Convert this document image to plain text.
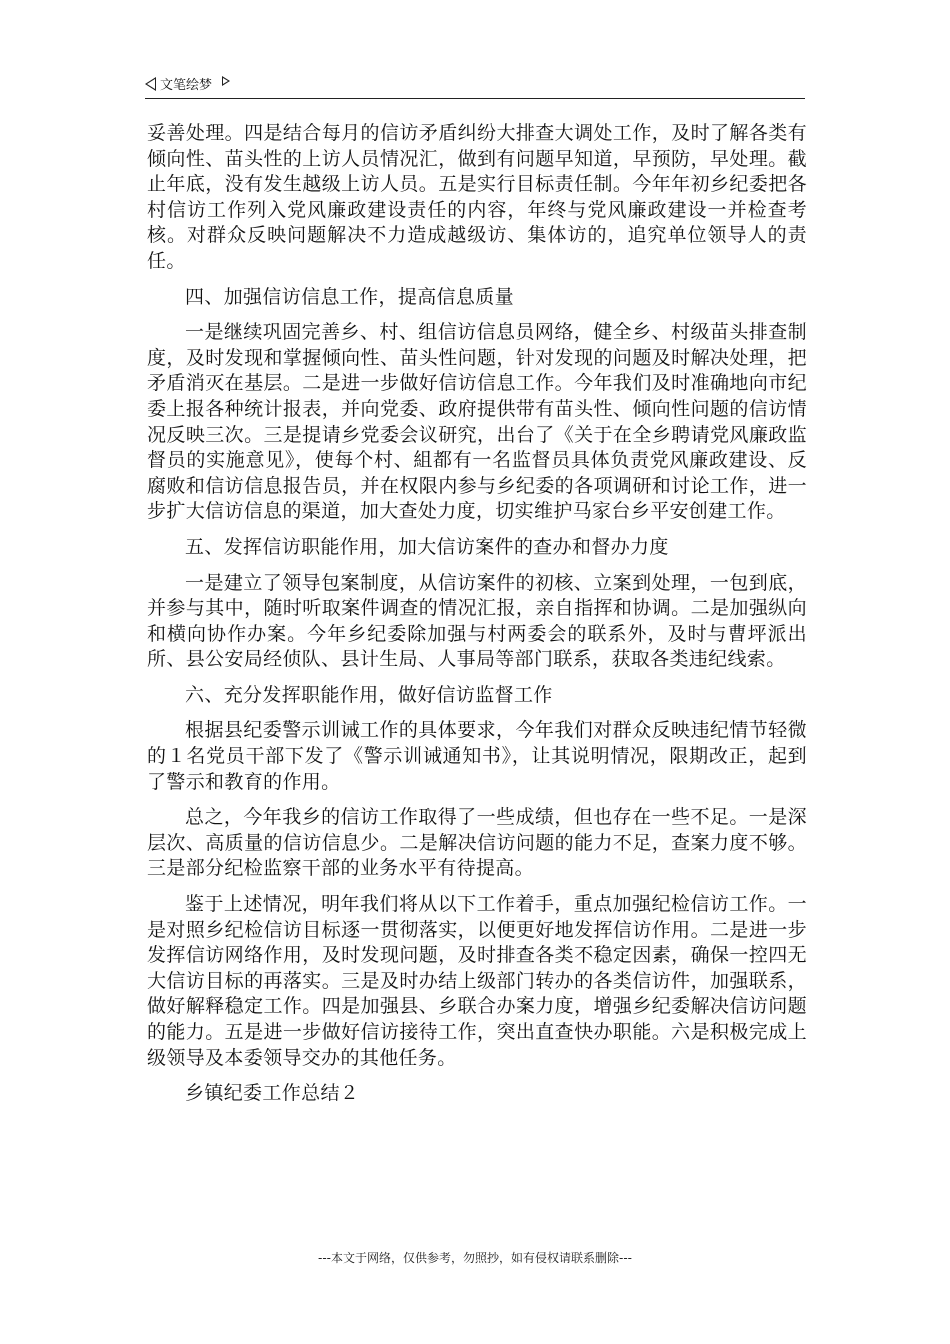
文笔绘梦

妥善处理。四是结合每月的信访矛盾纠纷大排查大调处工作，及时了解各类有倾向性、苗头性的上访人员情况汇，做到有问题早知道，早预防，早处理。截止年底，没有发生越级上访人员。五是实行目标责任制。今年年初乡纪委把各村信访工作列入党风廉政建设责任的内容，年终与党风廉政建设一并检查考核。对群众反映问题解决不力造成越级访、集体访的，追究单位领导人的责任。

四、加强信访信息工作，提高信息质量

一是继续巩固完善乡、村、组信访信息员网络，健全乡、村级苗头排查制度，及时发现和掌握倾向性、苗头性问题，针对发现的问题及时解决处理，把矛盾消灭在基层。二是进一步做好信访信息工作。今年我们及时准确地向市纪委上报各种统计报表，并向党委、政府提供带有苗头性、倾向性问题的信访情况反映三次。三是提请乡党委会议研究，出台了《关于在全乡聘请党风廉政监督员的实施意见》，使每个村、組都有一名监督员具体负责党风廉政建设、反腐败和信访信息报告员，并在权限内参与乡纪委的各项调研和讨论工作，进一步扩大信访信息的渠道，加大查处力度，切实维护马家台乡平安创建工作。

五、发挥信访职能作用，加大信访案件的查办和督办力度

一是建立了领导包案制度，从信访案件的初核、立案到处理，一包到底，并参与其中，随时听取案件调查的情况汇报，亲自指挥和协调。二是加强纵向和横向协作办案。今年乡纪委除加强与村两委会的联系外，及时与曹坪派出所、县公安局经侦队、县计生局、人事局等部门联系，获取各类违纪线索。

六、充分发挥职能作用，做好信访监督工作

根据县纪委警示训诫工作的具体要求，今年我们对群众反映违纪情节轻微的１名党员干部下发了《警示训诫通知书》，让其说明情况，限期改正，起到了警示和教育的作用。

总之，今年我乡的信访工作取得了一些成绩，但也存在一些不足。一是深层次、高质量的信访信息少。二是解决信访问题的能力不足，查案力度不够。三是部分纪检监察干部的业务水平有待提高。

鉴于上述情况，明年我们将从以下工作着手，重点加强纪检信访工作。一是对照乡纪检信访目标逐一贯彻落实，以便更好地发挥信访作用。二是进一步发挥信访网络作用，及时发现问题，及时排查各类不稳定因素，确保一控四无大信访目标的再落实。三是及时办结上级部门转办的各类信访件，加强联系，做好解释稳定工作。四是加强县、乡联合办案力度，增强乡纪委解决信访问题的能力。五是进一步做好信访接待工作，突出直查快办职能。六是积极完成上级领导及本委领导交办的其他任务。

乡镇纪委工作总结２

---本文于网络，仅供参考，勿照抄，如有侵权请联系删除---
